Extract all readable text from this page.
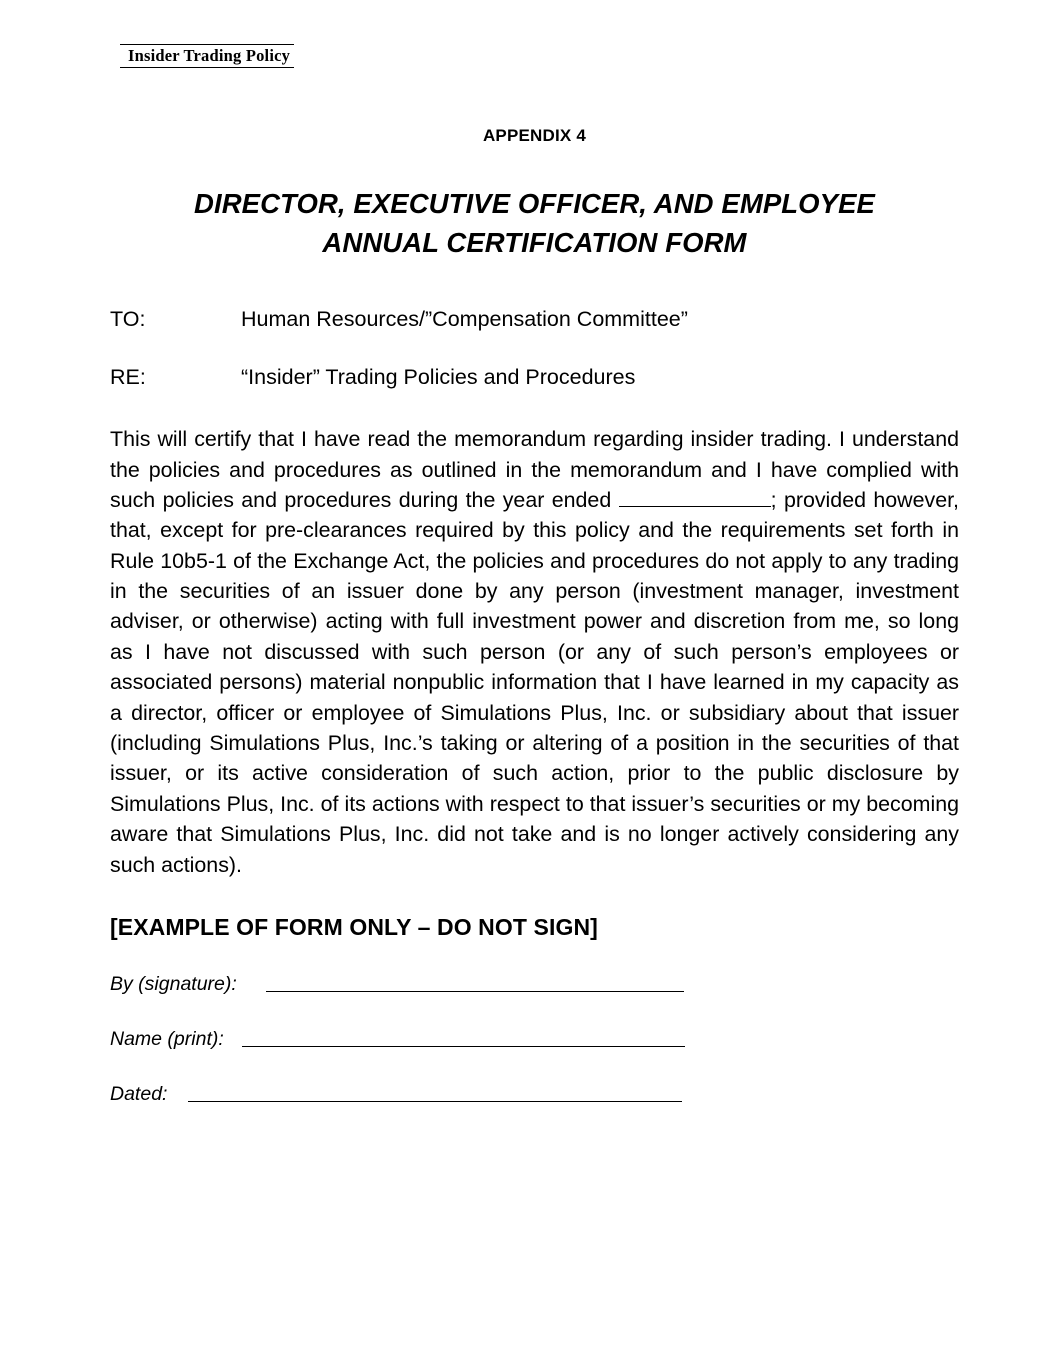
Insider Trading Policy
APPENDIX 4
DIRECTOR, EXECUTIVE OFFICER, AND EMPLOYEE
ANNUAL CERTIFICATION FORM
TO:	Human Resources/”Compensation Committee”
RE:	“Insider” Trading Policies and Procedures
This will certify that I have read the memorandum regarding insider trading. I understand the policies and procedures as outlined in the memorandum and I have complied with such policies and procedures during the year ended	; provided however, that, except for pre-clearances required by this policy and the requirements set forth in Rule 10b5-1 of the Exchange Act, the policies and procedures do not apply to any trading in the securities of an issuer done by any person (investment manager, investment adviser, or otherwise) acting with full investment power and discretion from me, so long as I have not discussed with such person (or any of such person’s employees or associated persons) material nonpublic information that I have learned in my capacity as a director, officer or employee of Simulations Plus, Inc. or subsidiary about that issuer (including Simulations Plus, Inc.’s taking or altering of a position in the securities of that issuer, or its active consideration of such action, prior to the public disclosure by Simulations Plus, Inc. of its actions with respect to that issuer’s securities or my becoming aware that Simulations Plus, Inc. did not take and is no longer actively considering any such actions).
[EXAMPLE OF FORM ONLY – DO NOT SIGN]
By (signature):
Name (print):
Dated:
